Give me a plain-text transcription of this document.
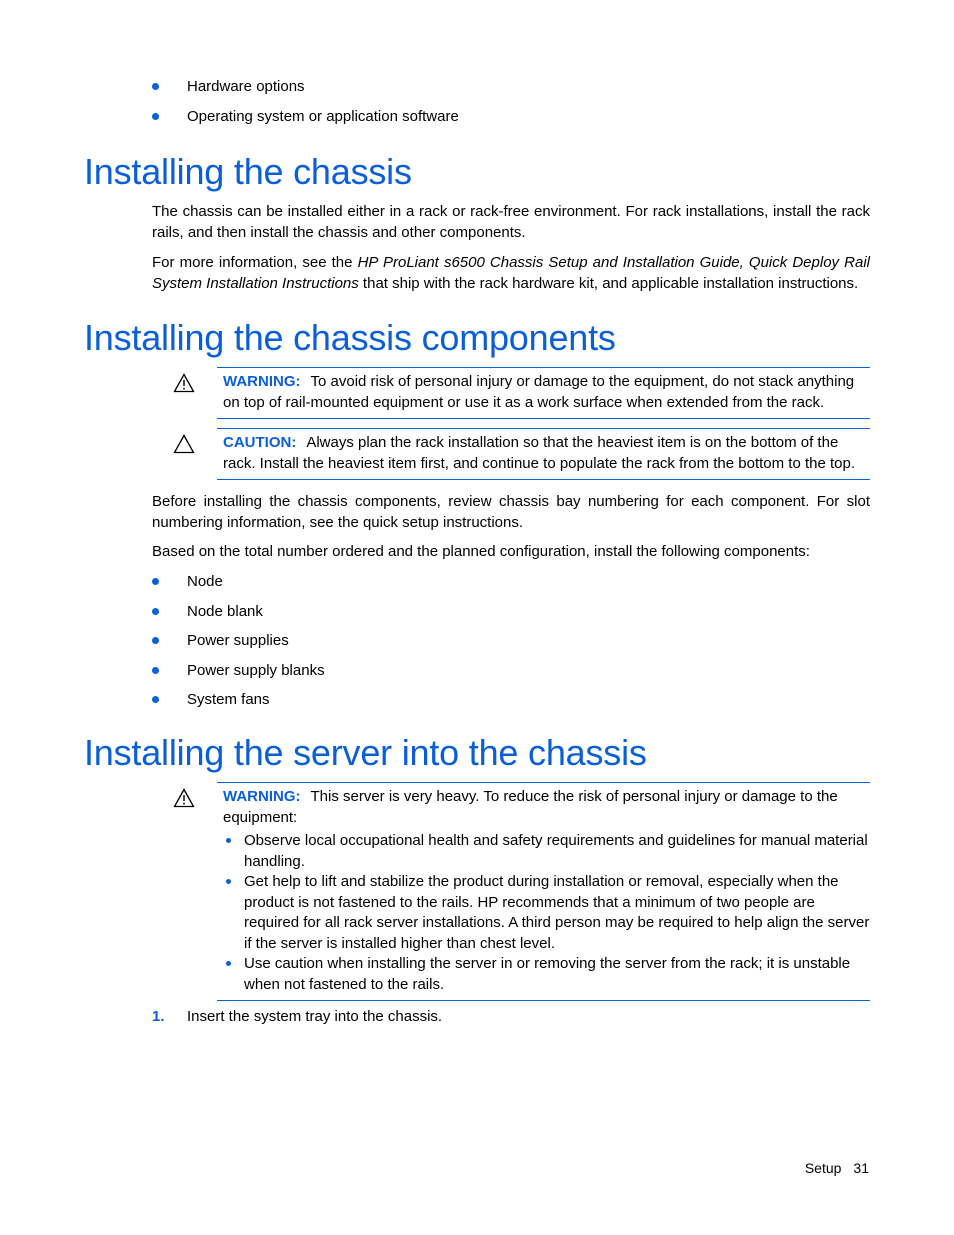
Hardware options
Operating system or application software
Installing the chassis

The chassis can be installed either in a rack or rack-free environment. For rack installations, install the rack rails, and then install the chassis and other components.

For more information, see the HP ProLiant s6500 Chassis Setup and Installation Guide, Quick Deploy Rail System Installation Instructions that ship with the rack hardware kit, and applicable installation instructions.

Installing the chassis components
WARNING: To avoid risk of personal injury or damage to the equipment, do not stack anything on top of rail-mounted equipment or use it as a work surface when extended from the rack.
CAUTION: Always plan the rack installation so that the heaviest item is on the bottom of the rack. Install the heaviest item first, and continue to populate the rack from the bottom to the top.

Before installing the chassis components, review chassis bay numbering for each component. For slot numbering information, see the quick setup instructions.

Based on the total number ordered and the planned configuration, install the following components:

Node
Node blank
Power supplies
Power supply blanks
System fans
Installing the server into the chassis
WARNING: This server is very heavy. To reduce the risk of personal injury or damage to the equipment:
Observe local occupational health and safety requirements and guidelines for manual material handling.
Get help to lift and stabilize the product during installation or removal, especially when the product is not fastened to the rails. HP recommends that a minimum of two people are required for all rack server installations. A third person may be required to help align the server if the server is installed higher than chest level.
Use caution when installing the server in or removing the server from the rack; it is unstable when not fastened to the rails.
1. Insert the system tray into the chassis.
Setup 31
